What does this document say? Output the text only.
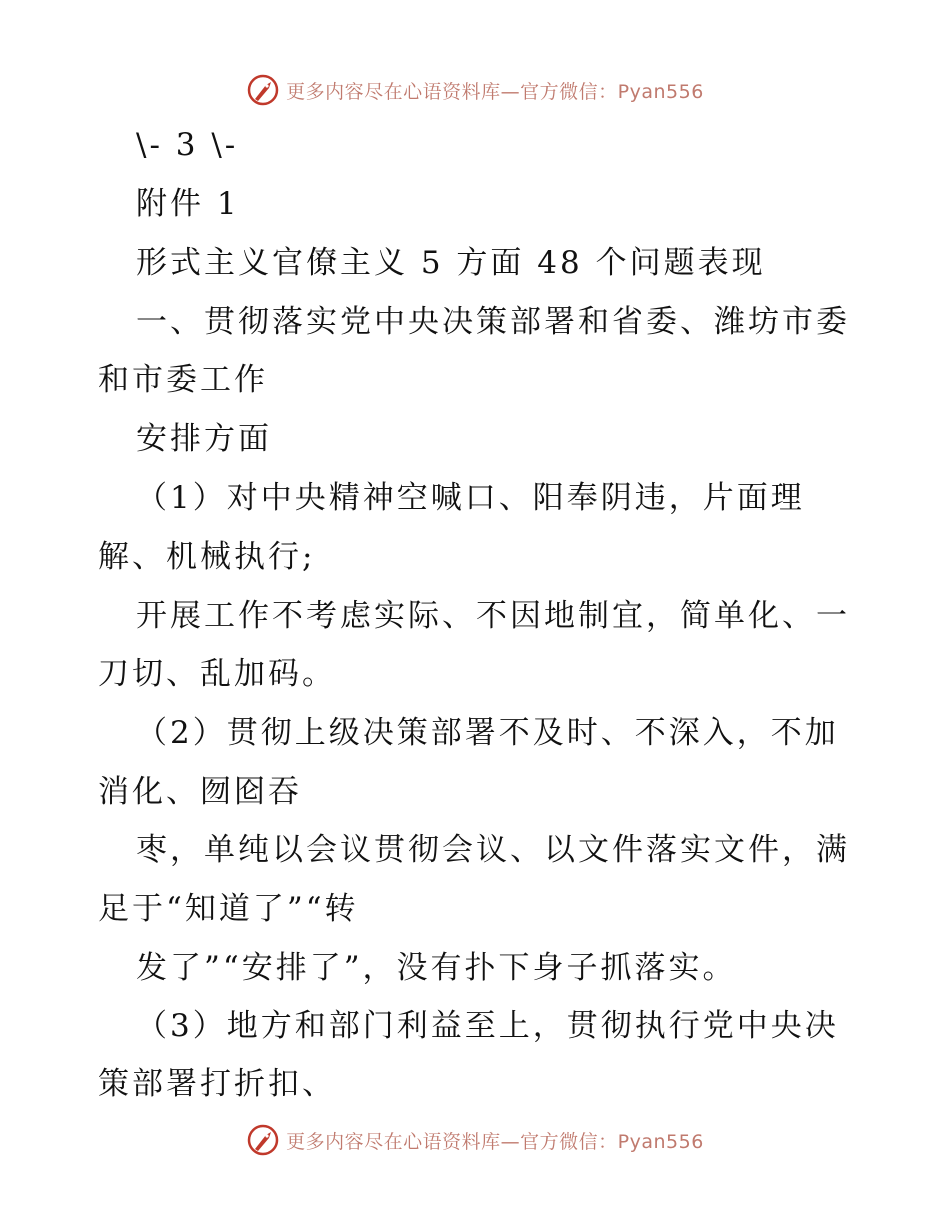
更多内容尽在心语资料库—官方微信：Pyan556
\- 3 \-
附件 1
形式主义官僚主义 5 方面 48 个问题表现
一、贯彻落实党中央决策部署和省委、潍坊市委
和市委工作
安排方面
（1）对中央精神空喊口、阳奉阴违，片面理
解、机械执行;
开展工作不考虑实际、不因地制宜，简单化、一
刀切、乱加码。
（2）贯彻上级决策部署不及时、不深入，不加
消化、囫囵吞
枣，单纯以会议贯彻会议、以文件落实文件，满
足于“知道了”“转
发了”“安排了”，没有扑下身子抓落实。
（3）地方和部门利益至上，贯彻执行党中央决
策部署打折扣、
更多内容尽在心语资料库—官方微信：Pyan556
